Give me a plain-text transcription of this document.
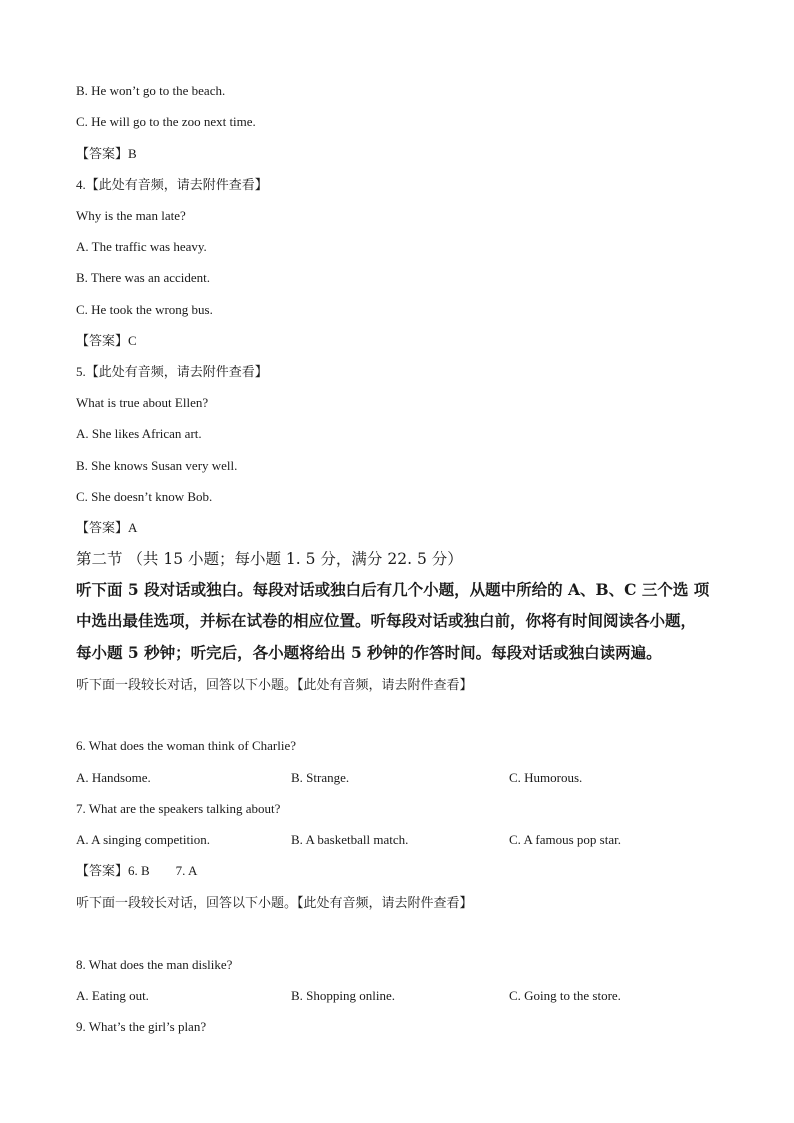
B. He won’t go to the beach.
C. He will go to the zoo next time.
【答案】B
4.【此处有音频，请去附件查看】
Why is the man late?
A. The traffic was heavy.
B. There was an accident.
C. He took the wrong bus.
【答案】C
5.【此处有音频，请去附件查看】
What is true about Ellen?
A. She likes African art.
B. She knows Susan very well.
C. She doesn’t know Bob.
【答案】A
第二节 （共 15 小题；每小题 1. 5 分，满分 22. 5 分）
听下面 5 段对话或独白。每段对话或独白后有几个小题，从题中所给的 A、B、C 三个选 项
中选出最佳选项，并标在试卷的相应位置。听每段对话或独白前，你将有时间阅读各小题，
每小题 5 秒钟；听完后，各小题将给出 5 秒钟的作答时间。每段对话或独白读两遍。
听下面一段较长对话，回答以下小题。【此处有音频，请去附件查看】
6. What does the woman think of Charlie?
A. Handsome.	B. Strange.	C. Humorous.
7. What are the speakers talking about?
A. A singing competition.	B. A basketball match.	C. A famous pop star.
【答案】6. B        7. A
听下面一段较长对话，回答以下小题。【此处有音频，请去附件查看】
8. What does the man dislike?
A. Eating out.	B. Shopping online.	C. Going to the store.
9. What’s the girl’s plan?
